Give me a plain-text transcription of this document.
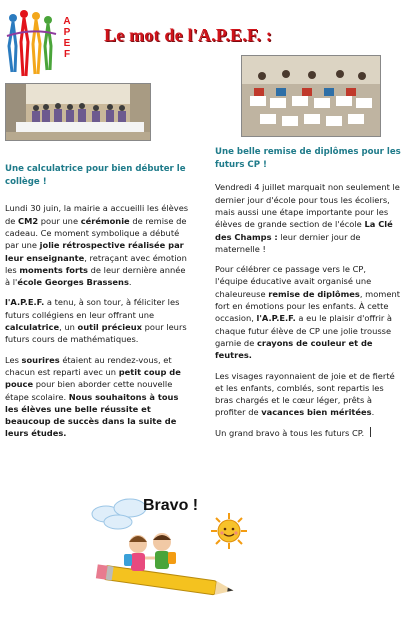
A
P
E
F
Le mot de l'A.P.E.F. :

Une calculatrice pour bien débuter le collège !

Lundi 30 juin, la mairie a accueilli les élèves de CM2 pour une cérémonie de remise de cadeau. Ce moment symbolique a débuté par une jolie rétrospective réalisée par leur enseignante, retraçant avec émotion les moments forts de leur dernière année à l'école Georges Brassens.

l'A.P.E.F. a tenu, à son tour, à féliciter les futurs collégiens en leur offrant une calculatrice, un outil précieux pour leurs futurs cours de mathématiques.

Les sourires étaient au rendez-vous, et chacun est reparti avec un petit coup de pouce pour bien aborder cette nouvelle étape scolaire. Nous souhaitons à tous les élèves une belle réussite et beaucoup de succès dans la suite de leurs études.

Une belle remise de diplômes pour les futurs CP !

Vendredi 4 juillet marquait non seulement le dernier jour d'école pour tous les écoliers, mais aussi une étape importante pour les élèves de grande section de l'école La Clé des Champs : leur dernier jour de maternelle !

Pour célébrer ce passage vers le CP, l'équipe éducative avait organisé une chaleureuse remise de diplômes, moment fort en émotions pour les enfants. À cette occasion, l'A.P.E.F. a eu le plaisir d'offrir à chaque futur élève de CP une jolie trousse garnie de crayons de couleur et de feutres.

Les visages rayonnaient de joie et de fierté et les enfants, comblés, sont repartis les bras chargés et le cœur léger, prêts à profiter de vacances bien méritées.

Un grand bravo à tous les futurs CP.

Bravo !
